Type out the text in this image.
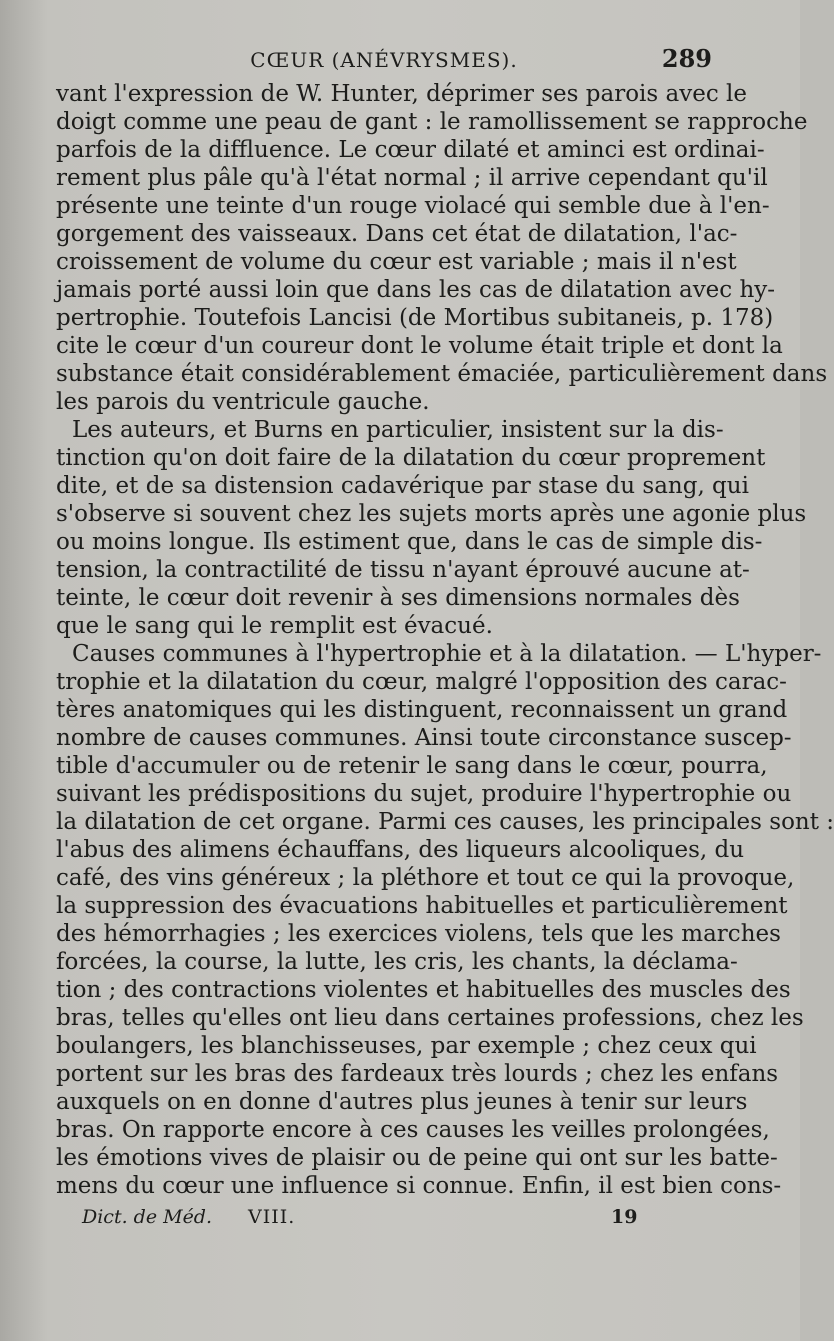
CŒUR (ANÉVRYSMES).	289
vant l'expression de W. Hunter, déprimer ses parois avec le
doigt comme une peau de gant : le ramollissement se rapproche
parfois de la diffluence. Le cœur dilaté et aminci est ordinai-
rement plus pâle qu'à l'état normal ; il arrive cependant qu'il
présente une teinte d'un rouge violacé qui semble due à l'en-
gorgement des vaisseaux. Dans cet état de dilatation, l'ac-
croissement de volume du cœur est variable ; mais il n'est
jamais porté aussi loin que dans les cas de dilatation avec hy-
pertrophie. Toutefois Lancisi (de Mortibus subitaneis, p. 178)
cite le cœur d'un coureur dont le volume était triple et dont la
substance était considérablement émaciée, particulièrement dans
les parois du ventricule gauche.
Les auteurs, et Burns en particulier, insistent sur la dis-
tinction qu'on doit faire de la dilatation du cœur proprement
dite, et de sa distension cadavérique par stase du sang, qui
s'observe si souvent chez les sujets morts après une agonie plus
ou moins longue. Ils estiment que, dans le cas de simple dis-
tension, la contractilité de tissu n'ayant éprouvé aucune at-
teinte, le cœur doit revenir à ses dimensions normales dès
que le sang qui le remplit est évacué.
Causes communes à l'hypertrophie et à la dilatation. — L'hyper-
trophie et la dilatation du cœur, malgré l'opposition des carac-
tères anatomiques qui les distinguent, reconnaissent un grand
nombre de causes communes. Ainsi toute circonstance suscep-
tible d'accumuler ou de retenir le sang dans le cœur, pourra,
suivant les prédispositions du sujet, produire l'hypertrophie ou
la dilatation de cet organe. Parmi ces causes, les principales sont :
l'abus des alimens échauffans, des liqueurs alcooliques, du
café, des vins généreux ; la pléthore et tout ce qui la provoque,
la suppression des évacuations habituelles et particulièrement
des hémorrhagies ; les exercices violens, tels que les marches
forcées, la course, la lutte, les cris, les chants, la déclama-
tion ; des contractions violentes et habituelles des muscles des
bras, telles qu'elles ont lieu dans certaines professions, chez les
boulangers, les blanchisseuses, par exemple ; chez ceux qui
portent sur les bras des fardeaux très lourds ; chez les enfans
auxquels on en donne d'autres plus jeunes à tenir sur leurs
bras. On rapporte encore à ces causes les veilles prolongées,
les émotions vives de plaisir ou de peine qui ont sur les batte-
mens du cœur une influence si connue. Enfin, il est bien cons-
Dict. de Méd. VIII.	19
